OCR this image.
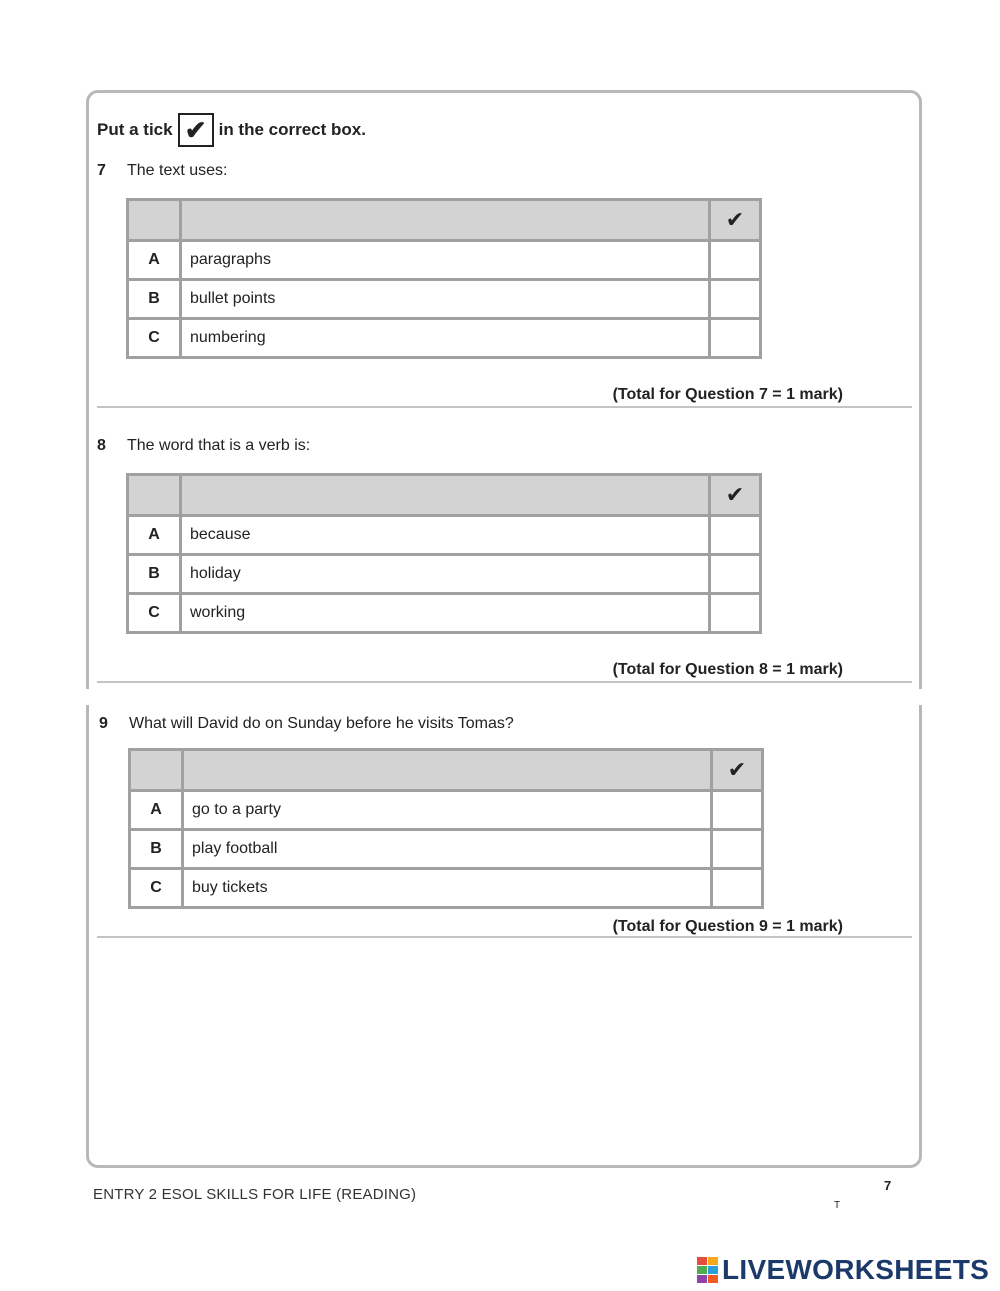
Put a tick ✔ in the correct box.
7 The text uses:
		✔
A	paragraphs	
B	bullet points	
C	numbering	
(Total for Question 7 = 1 mark)
8 The word that is a verb is:
		✔
A	because	
B	holiday	
C	working	
(Total for Question 8 = 1 mark)
9 What will David do on Sunday before he visits Tomas?
		✔
A	go to a party	
B	play football	
C	buy tickets	
(Total for Question 9 = 1 mark)
ENTRY 2 ESOL SKILLS FOR LIFE (READING)
7
T
LIVEWORKSHEETS
